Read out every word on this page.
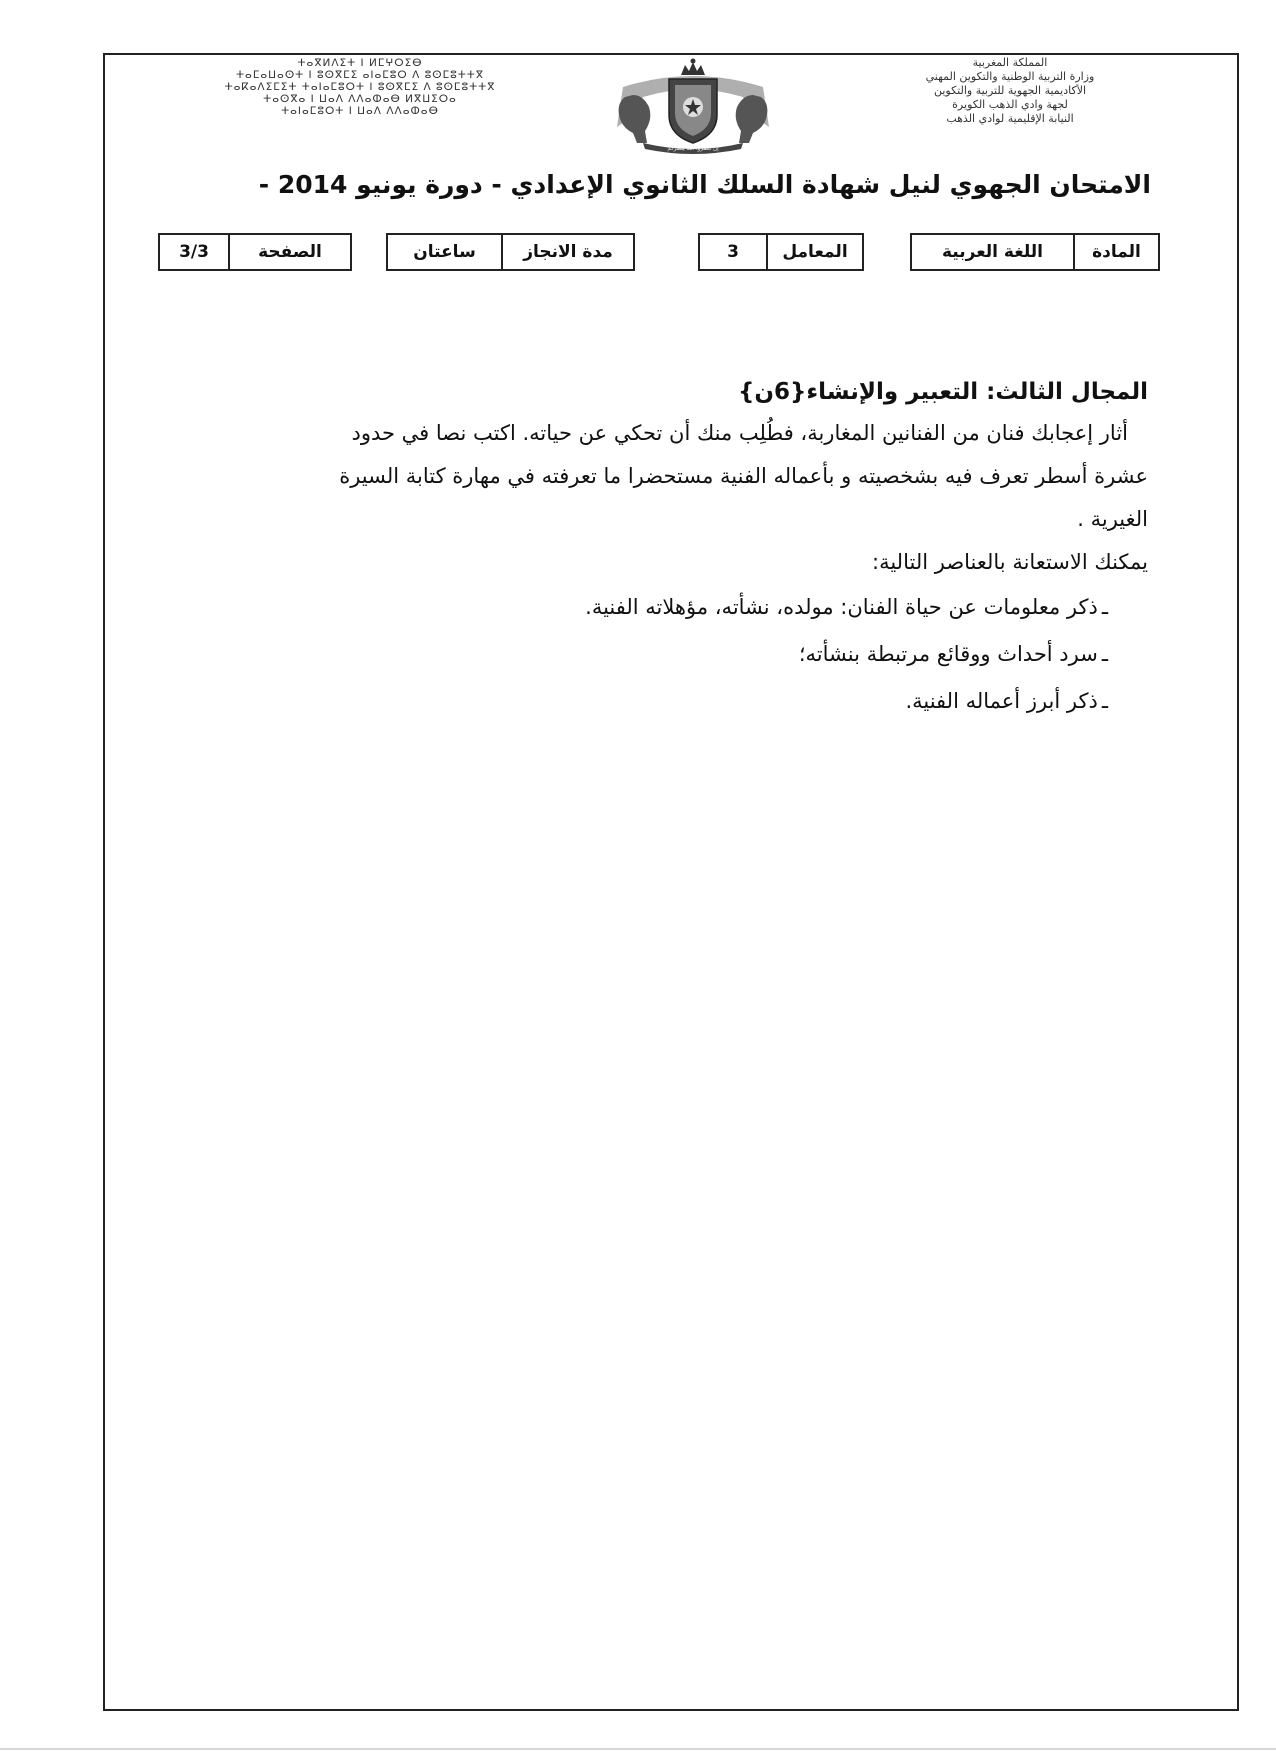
ⵜⴰⴳⵍⴷⵉⵜ ⵏ ⵍⵎⵖⵔⵉⴱ
ⵜⴰⵎⴰⵡⴰⵙⵜ ⵏ ⵓⵙⴳⵎⵉ ⴰⵏⴰⵎⵓⵔ ⴷ ⵓⵙⵎⵓⵜⵜⴳ
ⵜⴰⴽⴰⴷⵉⵎⵉⵜ ⵜⴰⵏⴰⵎⵓⵔⵜ ⵏ ⵓⵙⴳⵎⵉ ⴷ ⵓⵙⵎⵓⵜⵜⴳ
ⵜⴰⵙⴳⴰ ⵏ ⵡⴰⴷ ⴷⴷⴰⵀⴰⴱ ⵍⴳⵡⵉⵔⴰ
ⵜⴰⵏⴰⵎⵓⵔⵜ ⵏ ⵡⴰⴷ ⴷⴷⴰⵀⴰⴱ
إن تنصروا الله ينصركم
المملكة المغربية
وزارة التربية الوطنية والتكوين المهني
الأكاديمية الجهوية للتربية والتكوين
لجهة وادي الذهب الكويرة
النيابة الإقليمية لوادي الذهب
الامتحان الجهوي لنيل شهادة السلك الثانوي الإعدادي - دورة يونيو 2014 -
المادة
اللغة العربية
المعامل
3
مدة الانجاز
ساعتان
الصفحة
3/3
المجال الثالث: التعبير والإنشاء{6ن}

أثار إعجابك فنان من الفنانين المغاربة، فطُلِب منك أن تحكي عن حياته. اكتب نصا في حدود

عشرة أسطر تعرف فيه بشخصيته و بأعماله الفنية مستحضرا ما تعرفته في مهارة كتابة السيرة

الغيرية .

يمكنك الاستعانة بالعناصر التالية:

ـذكر معلومات عن حياة الفنان: مولده، نشأته، مؤهلاته الفنية.
ـسرد أحداث ووقائع مرتبطة بنشأته؛
ـذكر أبرز أعماله الفنية.
